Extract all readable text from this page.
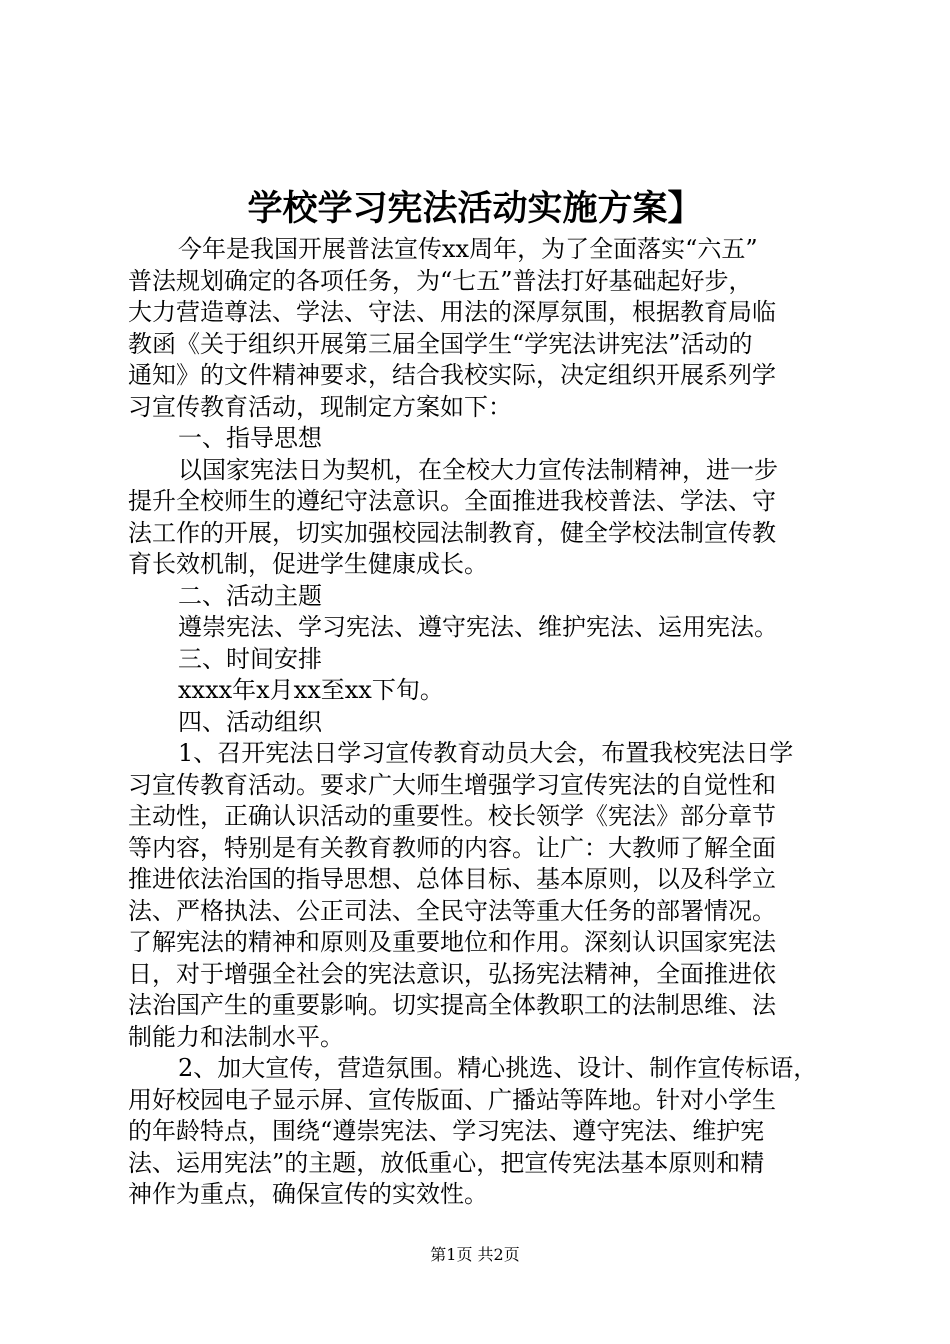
学校学习宪法活动实施方案】

今年是我国开展普法宣传xx周年，为了全面落实“六五”
普法规划确定的各项任务，为“七五”普法打好基础起好步，
大力营造尊法、学法、守法、用法的深厚氛围，根据教育局临
教函《关于组织开展第三届全国学生“学宪法讲宪法”活动的
通知》的文件精神要求，结合我校实际，决定组织开展系列学
习宣传教育活动，现制定方案如下：

一、指导思想

以国家宪法日为契机，在全校大力宣传法制精神，进一步
提升全校师生的遵纪守法意识。全面推进我校普法、学法、守
法工作的开展，切实加强校园法制教育，健全学校法制宣传教
育长效机制，促进学生健康成长。

二、活动主题

遵崇宪法、学习宪法、遵守宪法、维护宪法、运用宪法。

三、时间安排

xxxx年x月xx至xx下旬。

四、活动组织

1、召开宪法日学习宣传教育动员大会，布置我校宪法日学
习宣传教育活动。要求广大师生增强学习宣传宪法的自觉性和
主动性，正确认识活动的重要性。校长领学《宪法》部分章节
等内容，特别是有关教育教师的内容。让广：大教师了解全面
推进依法治国的指导思想、总体目标、基本原则，以及科学立
法、严格执法、公正司法、全民守法等重大任务的部署情况。
了解宪法的精神和原则及重要地位和作用。深刻认识国家宪法
日，对于增强全社会的宪法意识，弘扬宪法精神，全面推进依
法治国产生的重要影响。切实提高全体教职工的法制思维、法
制能力和法制水平。

2、加大宣传，营造氛围。精心挑选、设计、制作宣传标语，
用好校园电子显示屏、宣传版面、广播站等阵地。针对小学生
的年龄特点，围绕“遵崇宪法、学习宪法、遵守宪法、维护宪
法、运用宪法”的主题，放低重心，把宣传宪法基本原则和精
神作为重点，确保宣传的实效性。

第1页 共2页
